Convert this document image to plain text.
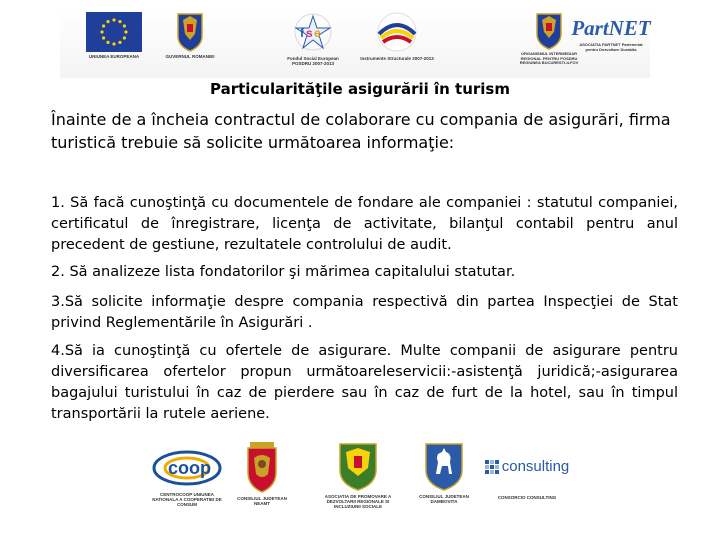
UNIUNEA EUROPEANA	GUVERNUL ROMANIEI
f s e
Fondul Social European POSDRU 2007-2013
Instrumente Structurale 2007-2013
ORGANISMUL INTERMEDIAR REGIONAL PENTRU POSDRU REGIUNEA BUCURESTI-ILFOV
PartNET
ASOCIATIA PARTNET Parteneriat pentru Dezvoltare Durabila
Particularităţile asigurării în turism
Înainte de a încheia contractul de colaborare cu compania de asigurări, firma turistică trebuie să solicite următoarea informaţie:
1. Să facă cunoştinţă cu documentele de fondare ale companiei : statutul companiei, certificatul de înregistrare, licenţa de activitate, bilanţul contabil pentru anul precedent de gestiune, rezultatele controlului de audit.
2. Să analizeze lista fondatorilor şi mărimea capitalului statutar.
3.Să solicite informaţie despre compania respectivă din partea Inspecţiei de Stat privind Reglementările în Asigurări .
4.Să ia cunoştinţă cu ofertele de asigurare. Multe companii de asigurare pentru diversificarea ofertelor propun următoareleservicii:-asistenţă juridică;-asigurarea bagajului turistului în caz de pierdere sau în caz de furt de la hotel, sau în timpul transportării la rutele aeriene.
coop
CENTROCOOP UNIUNEA NATIONALA A COOPERATIEI DE CONSUM
CONSILIUL JUDETEAN NEAMT
ASOCIATIA DE PROMOVARE A DEZVOLTARII REGIONALE SI INCLUZIUNII SOCIALE
CONSILIUL JUDETEAN DAMBOVITA
consulting
CONSORCIO CONSULTING
